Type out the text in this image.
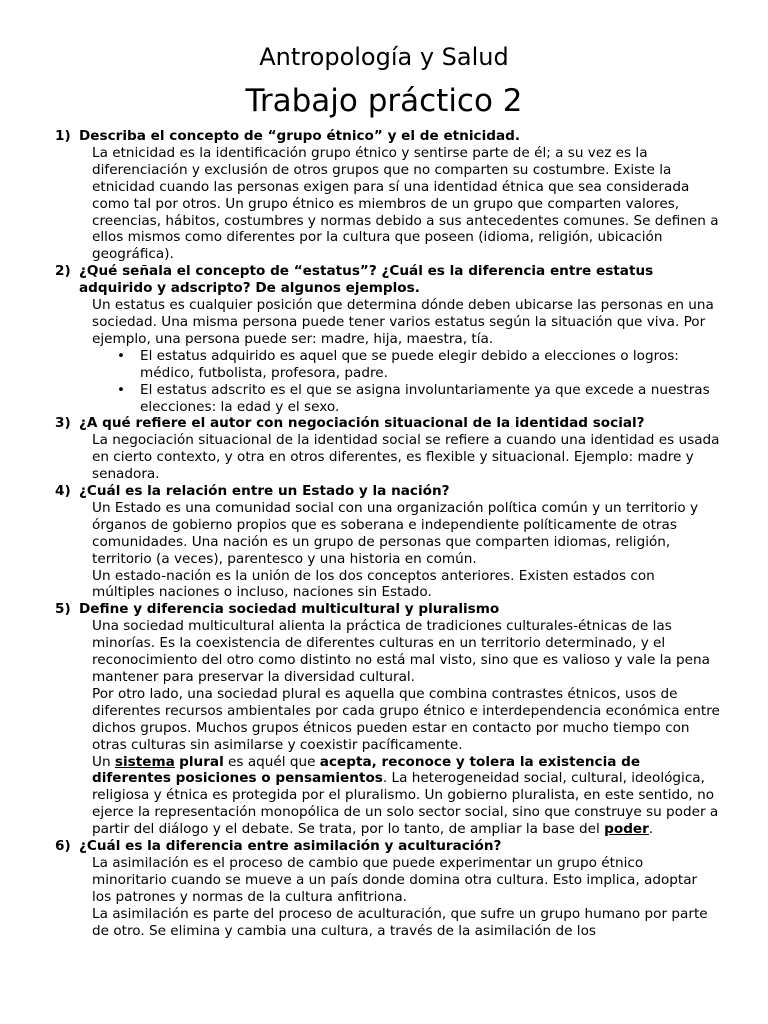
Antropología y Salud
Trabajo práctico 2
1) Describa el concepto de “grupo étnico” y el de etnicidad.
La etnicidad es la identificación grupo étnico y sentirse parte de él; a su vez es la diferenciación y exclusión de otros grupos que no comparten su costumbre. Existe la etnicidad cuando las personas exigen para sí una identidad étnica que sea considerada como tal por otros. Un grupo étnico es miembros de un grupo que comparten valores, creencias, hábitos, costumbres y normas debido a sus antecedentes comunes. Se definen a ellos mismos como diferentes por la cultura que poseen (idioma, religión, ubicación geográfica).
2) ¿Qué señala el concepto de “estatus”? ¿Cuál es la diferencia entre estatus adquirido y adscripto? De algunos ejemplos.
Un estatus es cualquier posición que determina dónde deben ubicarse las personas en una sociedad. Una misma persona puede tener varios estatus según la situación que viva. Por ejemplo, una persona puede ser: madre, hija, maestra, tía.
• El estatus adquirido es aquel que se puede elegir debido a elecciones o logros: médico, futbolista, profesora, padre.
• El estatus adscrito es el que se asigna involuntariamente ya que excede a nuestras elecciones: la edad y el sexo.
3) ¿A qué refiere el autor con negociación situacional de la identidad social?
La negociación situacional de la identidad social se refiere a cuando una identidad es usada en cierto contexto, y otra en otros diferentes, es flexible y situacional. Ejemplo: madre y senadora.
4) ¿Cuál es la relación entre un Estado y la nación?
Un Estado es una comunidad social con una organización política común y un territorio y órganos de gobierno propios que es soberana e independiente políticamente de otras comunidades. Una nación es un grupo de personas que comparten idiomas, religión, territorio (a veces), parentesco y una historia en común.
Un estado-nación es la unión de los dos conceptos anteriores. Existen estados con múltiples naciones o incluso, naciones sin Estado.
5) Define y diferencia sociedad multicultural y pluralismo
Una sociedad multicultural alienta la práctica de tradiciones culturales-étnicas de las minorías. Es la coexistencia de diferentes culturas en un territorio determinado, y el reconocimiento del otro como distinto no está mal visto, sino que es valioso y vale la pena mantener para preservar la diversidad cultural.
Por otro lado, una sociedad plural es aquella que combina contrastes étnicos, usos de diferentes recursos ambientales por cada grupo étnico e interdependencia económica entre dichos grupos. Muchos grupos étnicos pueden estar en contacto por mucho tiempo con otras culturas sin asimilarse y coexistir pacíficamente.
Un sistema plural es aquél que acepta, reconoce y tolera la existencia de diferentes posiciones o pensamientos. La heterogeneidad social, cultural, ideológica, religiosa y étnica es protegida por el pluralismo. Un gobierno pluralista, en este sentido, no ejerce la representación monopólica de un solo sector social, sino que construye su poder a partir del diálogo y el debate. Se trata, por lo tanto, de ampliar la base del poder.
6) ¿Cuál es la diferencia entre asimilación y aculturación?
La asimilación es el proceso de cambio que puede experimentar un grupo étnico minoritario cuando se mueve a un país donde domina otra cultura. Esto implica, adoptar los patrones y normas de la cultura anfitriona.
La asimilación es parte del proceso de aculturación, que sufre un grupo humano por parte de otro. Se elimina y cambia una cultura, a través de la asimilación de los
